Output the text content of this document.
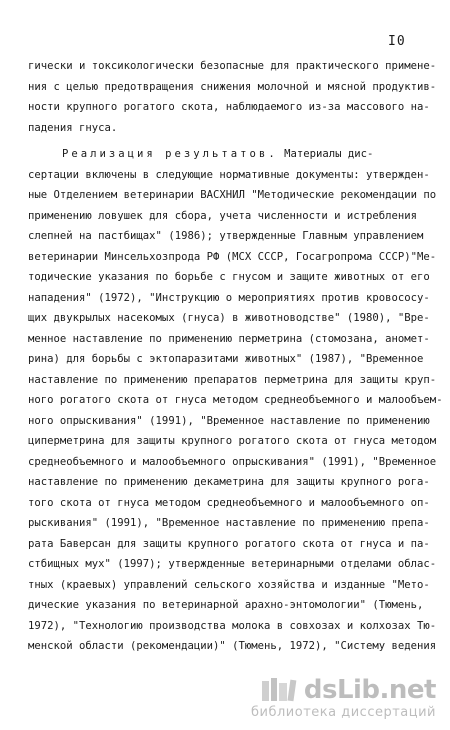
I0
гически и токсикологически безопасные для практического примене-
ния с целью предотвращения снижения молочной и мясной продуктив-
ности крупного рогатого скота, наблюдаемого из-за массового на-
падения гнуса.
Реализация результатов. Материалы дис-
сертации включены в следующие нормативные документы: утвержден-
ные Отделением ветеринарии ВАСХНИЛ "Методические рекомендации по
применению ловушек для сбора, учета численности и истребления
слепней на пастбищах" (1986); утвержденные Главным управлением
ветеринарии Минсельхозпрода РФ (МСХ СССР, Госагропрома СССР)"Ме-
тодические указания по борьбе с гнусом и защите животных от его
нападения" (1972), "Инструкцию о мероприятиях против кровососу-
щих двукрылых насекомых (гнуса) в животноводстве" (1980), "Вре-
менное наставление по применению перметрина (стомозана, аномет-
рина) для борьбы с эктопаразитами животных" (1987), "Временное
наставление по применению препаратов перметрина для защиты круп-
ного рогатого скота от гнуса методом среднеобъемного и малообъем-
ного опрыскивания" (1991), "Временное наставление по применению
циперметрина для защиты крупного рогатого скота от гнуса методом
среднеобъемного и малообъемного опрыскивания" (1991), "Временное
наставление по применению декаметрина для защиты крупного рога-
того скота от гнуса методом среднеобъемного и малообъемного оп-
рыскивания" (1991), "Временное наставление по применению препа-
рата Баверсан для защиты крупного рогатого скота от гнуса и па-
стбищных мух" (1997); утвержденные ветеринарными отделами облас-
тных (краевых) управлений сельского хозяйства и изданные "Мето-
дические указания по ветеринарной арахно-энтомологии" (Тюмень,
1972), "Технологию производства молока в совхозах и колхозах Тю-
менской области (рекомендации)" (Тюмень, 1972), "Систему ведения
dsLib.net
библиотека диссертаций
